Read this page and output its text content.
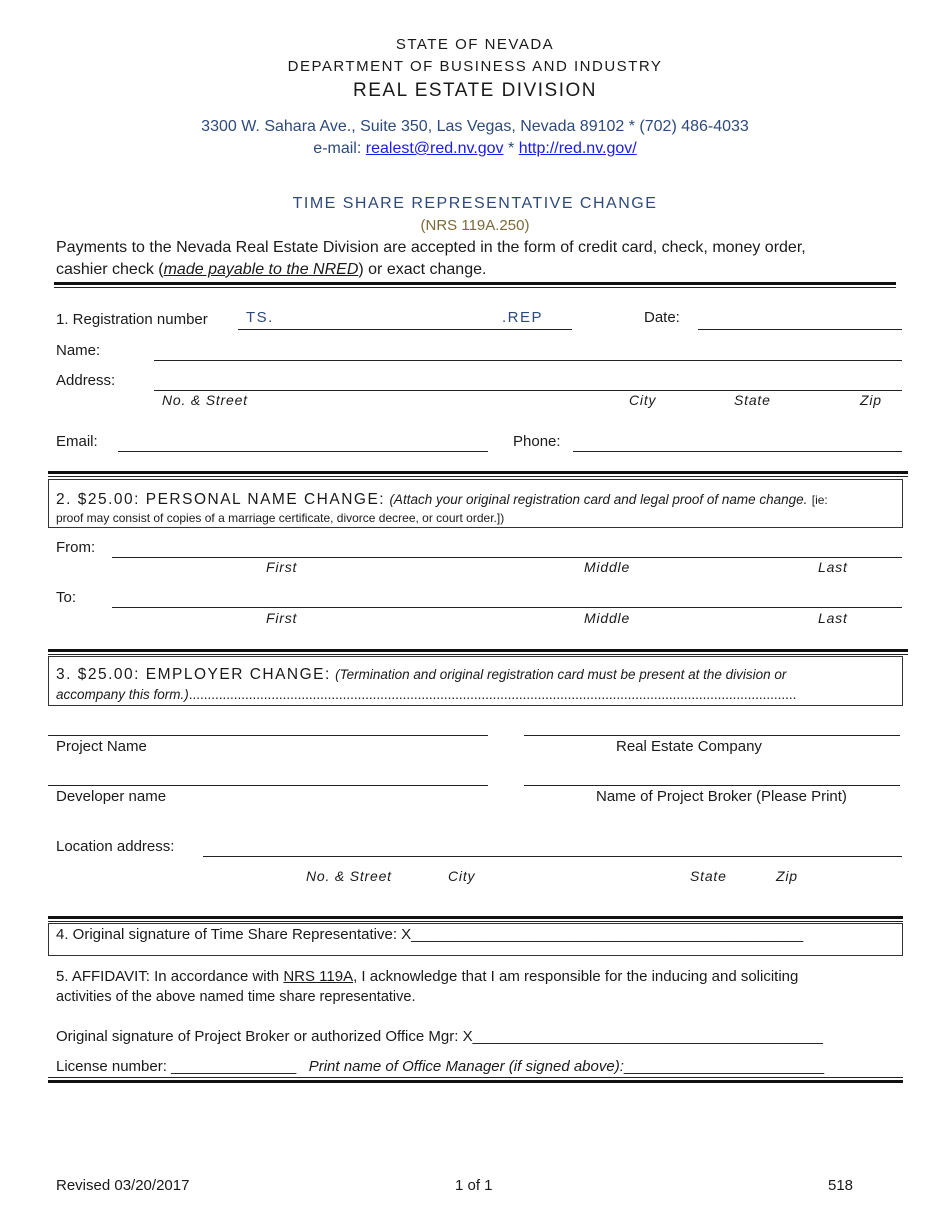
STATE OF NEVADA
DEPARTMENT OF BUSINESS AND INDUSTRY
REAL ESTATE DIVISION
3300 W. Sahara Ave., Suite 350, Las Vegas, Nevada 89102 * (702) 486-4033
e-mail: realest@red.nv.gov * http://red.nv.gov/
TIME SHARE REPRESENTATIVE CHANGE
(NRS 119A.250)
Payments to the Nevada Real Estate Division are accepted in the form of credit card, check, money order,
cashier check (made payable to the NRED) or exact change.
1. Registration number	TS.	.REP	Date:
Name:
Address:
No. & Street	City	State	Zip
Email:	Phone:
2. $25.00: PERSONAL NAME CHANGE: (Attach your original registration card and legal proof of name change. [ie:
proof may consist of copies of a marriage certificate, divorce decree, or court order.])
From:
First	Middle	Last
To:
First	Middle	Last
3. $25.00: EMPLOYER CHANGE: (Termination and original registration card must be present at the division or
accompany this form.)..................................................................................................................................................................
Project Name	Real Estate Company
Developer name	Name of Project Broker (Please Print)
Location address:
No. & Street	City	State	Zip
4. Original signature of Time Share Representative: X_______________________________________________
5. AFFIDAVIT: In accordance with NRS 119A, I acknowledge that I am responsible for the inducing and soliciting
activities of the above named time share representative.
Original signature of Project Broker or authorized Office Mgr: X__________________________________________
License number: _______________ Print name of Office Manager (if signed above):________________________
Revised 03/20/2017	1 of 1	518
